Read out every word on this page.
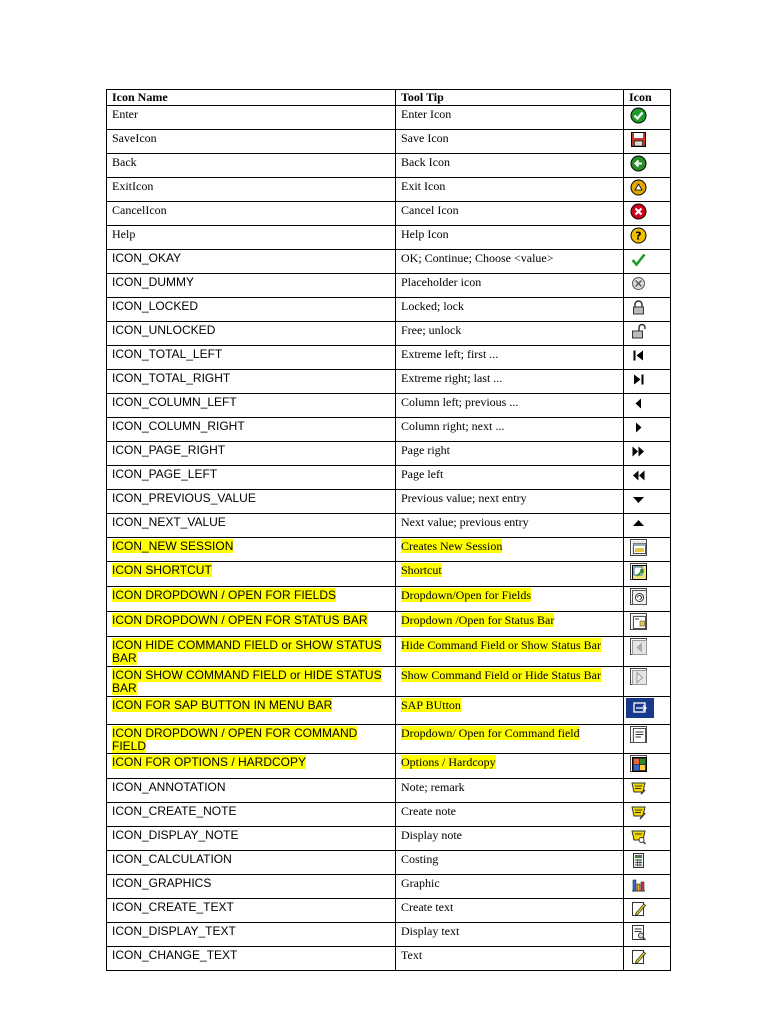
Icon Name	Tool Tip	Icon
Enter	Enter Icon	

SaveIcon	Save Icon	

Back	Back Icon	

ExitIcon	Exit Icon	

CancelIcon	Cancel Icon	

Help	Help Icon	?

ICON_OKAY	OK; Continue; Choose <value>	

ICON_DUMMY	Placeholder icon	

ICON_LOCKED	Locked; lock	

ICON_UNLOCKED	Free; unlock	

ICON_TOTAL_LEFT	Extreme left; first ...	

ICON_TOTAL_RIGHT	Extreme right; last ...	

ICON_COLUMN_LEFT	Column left; previous ...	

ICON_COLUMN_RIGHT	Column right; next ...	

ICON_PAGE_RIGHT	Page right	

ICON_PAGE_LEFT	Page left	

ICON_PREVIOUS_VALUE	Previous value; next entry	

ICON_NEXT_VALUE	Next value; previous entry	

ICON_NEW SESSION	Creates New Session	

ICON SHORTCUT	Shortcut	

ICON DROPDOWN / OPEN FOR FIELDS	Dropdown/Open for Fields	

ICON DROPDOWN / OPEN FOR STATUS BAR	Dropdown /Open for Status Bar	

ICON HIDE COMMAND FIELD or SHOW STATUS BAR	Hide Command Field or Show Status Bar	

ICON SHOW COMMAND FIELD or HIDE STATUS BAR	Show Command Field or Hide Status Bar	

ICON FOR SAP BUTTON IN MENU BAR	SAP BUtton	
ICON DROPDOWN / OPEN FOR COMMAND FIELD	Dropdown/ Open for Command field	

ICON FOR OPTIONS / HARDCOPY	Options / Hardcopy	

ICON_ANNOTATION	Note; remark	

ICON_CREATE_NOTE	Create note	

ICON_DISPLAY_NOTE	Display note	

ICON_CALCULATION	Costing	

ICON_GRAPHICS	Graphic	

ICON_CREATE_TEXT	Create text	

ICON_DISPLAY_TEXT	Display text	

ICON_CHANGE_TEXT	Text	
